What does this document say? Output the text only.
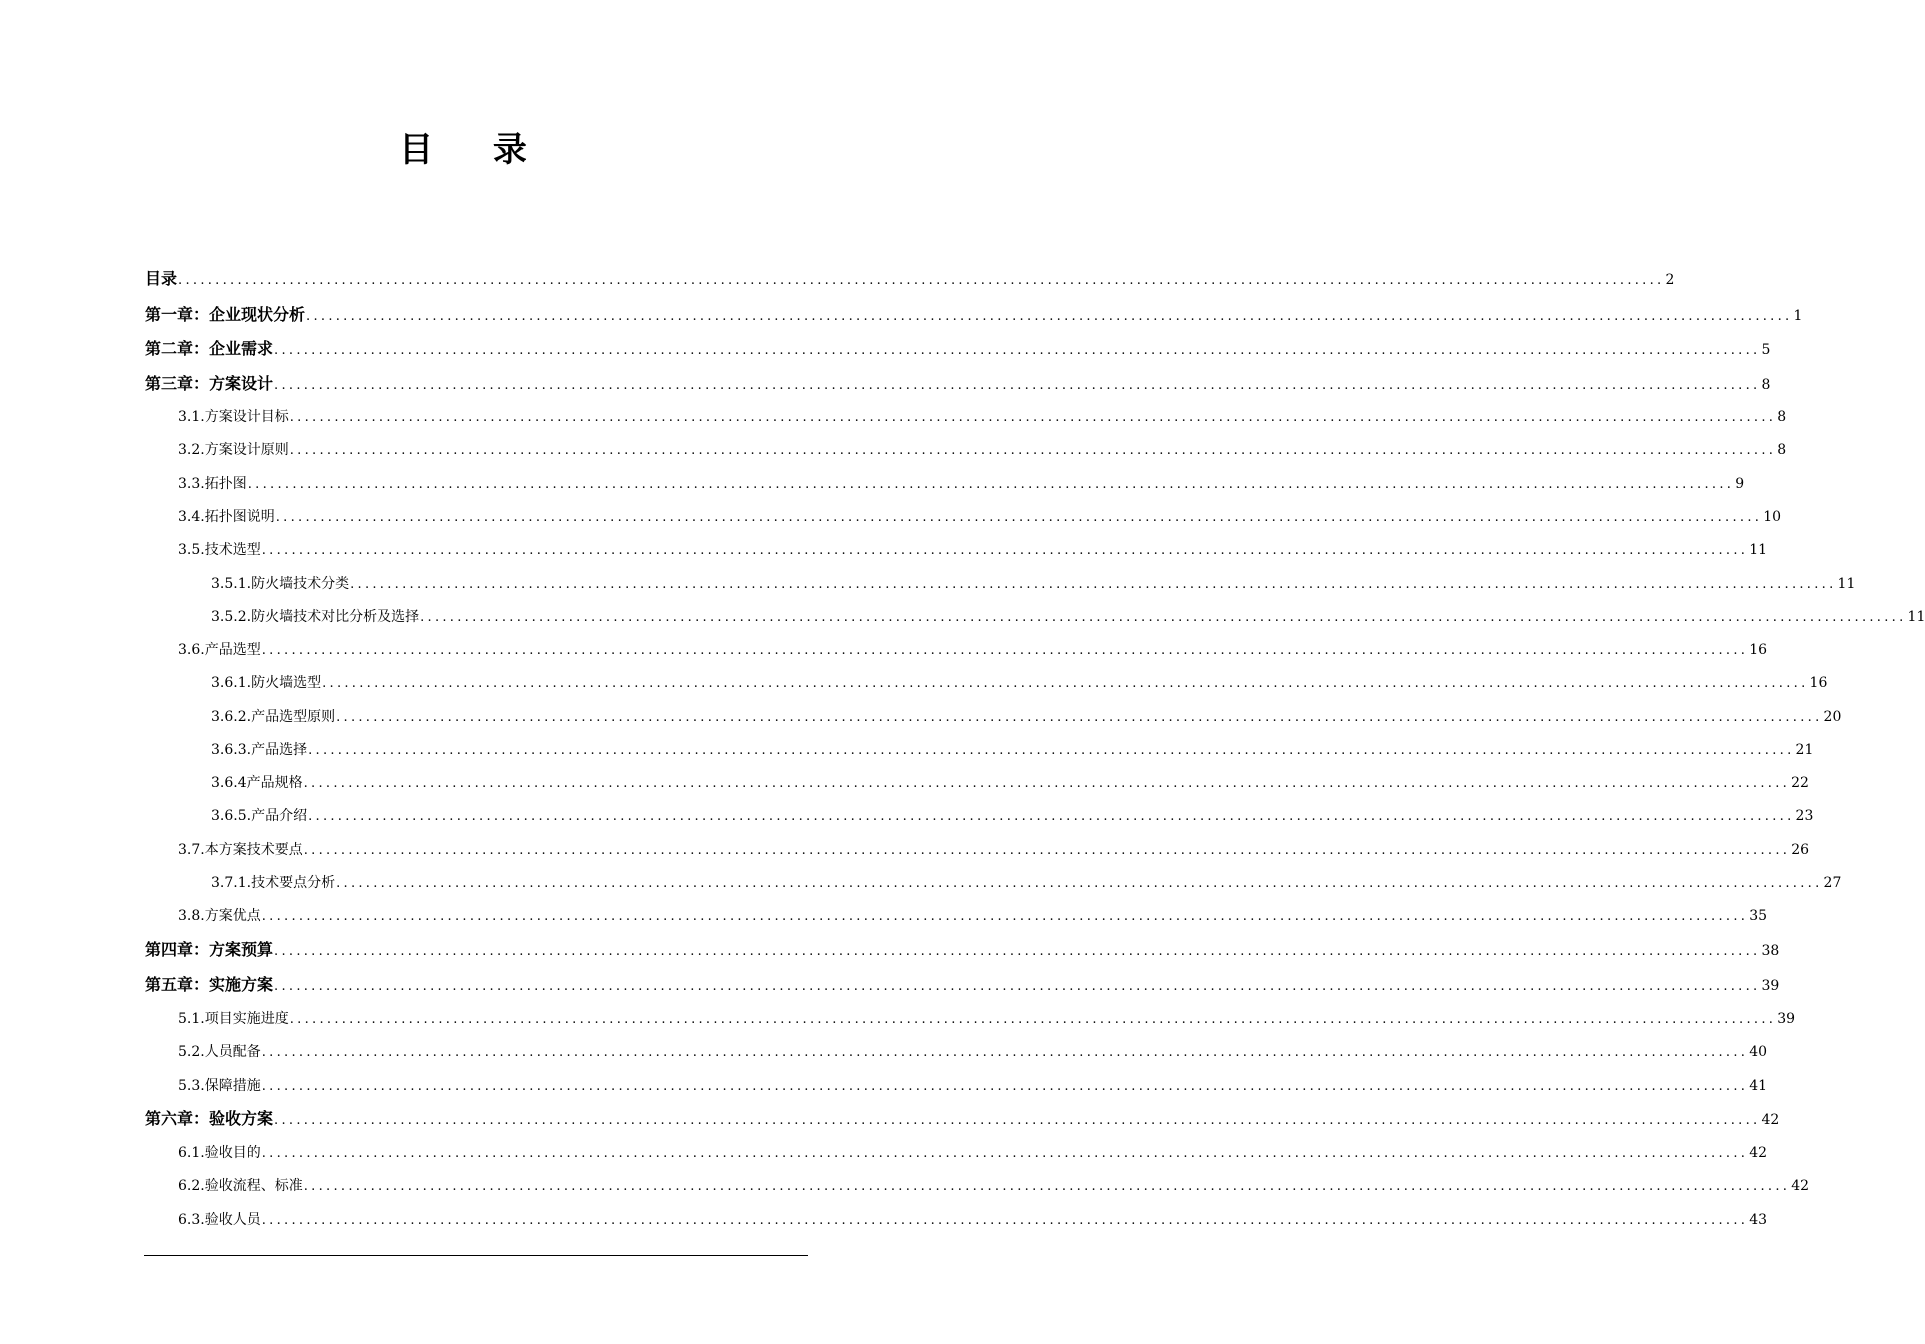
目 录
目录 ........................................................................................................................................................................................................ 2
第一章：企业现状分析 ........................................................................................................................................................................................................ 1
第二章：企业需求 ........................................................................................................................................................................................................ 5
第三章：方案设计 ........................................................................................................................................................................................................ 8
3.1.方案设计目标 ........................................................................................................................................................................................................ 8
3.2.方案设计原则 ........................................................................................................................................................................................................ 8
3.3.拓扑图 ........................................................................................................................................................................................................ 9
3.4.拓扑图说明 ........................................................................................................................................................................................................ 10
3.5.技术选型 ........................................................................................................................................................................................................ 11
3.5.1.防火墙技术分类 ........................................................................................................................................................................................................ 11
3.5.2.防火墙技术对比分析及选择 ........................................................................................................................................................................................................ 11
3.6.产品选型 ........................................................................................................................................................................................................ 16
3.6.1.防火墙选型 ........................................................................................................................................................................................................ 16
3.6.2.产品选型原则 ........................................................................................................................................................................................................ 20
3.6.3.产品选择 ........................................................................................................................................................................................................ 21
3.6.4产品规格 ........................................................................................................................................................................................................ 22
3.6.5.产品介绍 ........................................................................................................................................................................................................ 23
3.7.本方案技术要点 ........................................................................................................................................................................................................ 26
3.7.1.技术要点分析 ........................................................................................................................................................................................................ 27
3.8.方案优点 ........................................................................................................................................................................................................ 35
第四章：方案预算 ........................................................................................................................................................................................................ 38
第五章：实施方案 ........................................................................................................................................................................................................ 39
5.1.项目实施进度 ........................................................................................................................................................................................................ 39
5.2.人员配备 ........................................................................................................................................................................................................ 40
5.3.保障措施 ........................................................................................................................................................................................................ 41
第六章：验收方案 ........................................................................................................................................................................................................ 42
6.1.验收目的 ........................................................................................................................................................................................................ 42
6.2.验收流程、标准 ........................................................................................................................................................................................................ 42
6.3.验收人员 ........................................................................................................................................................................................................ 43
